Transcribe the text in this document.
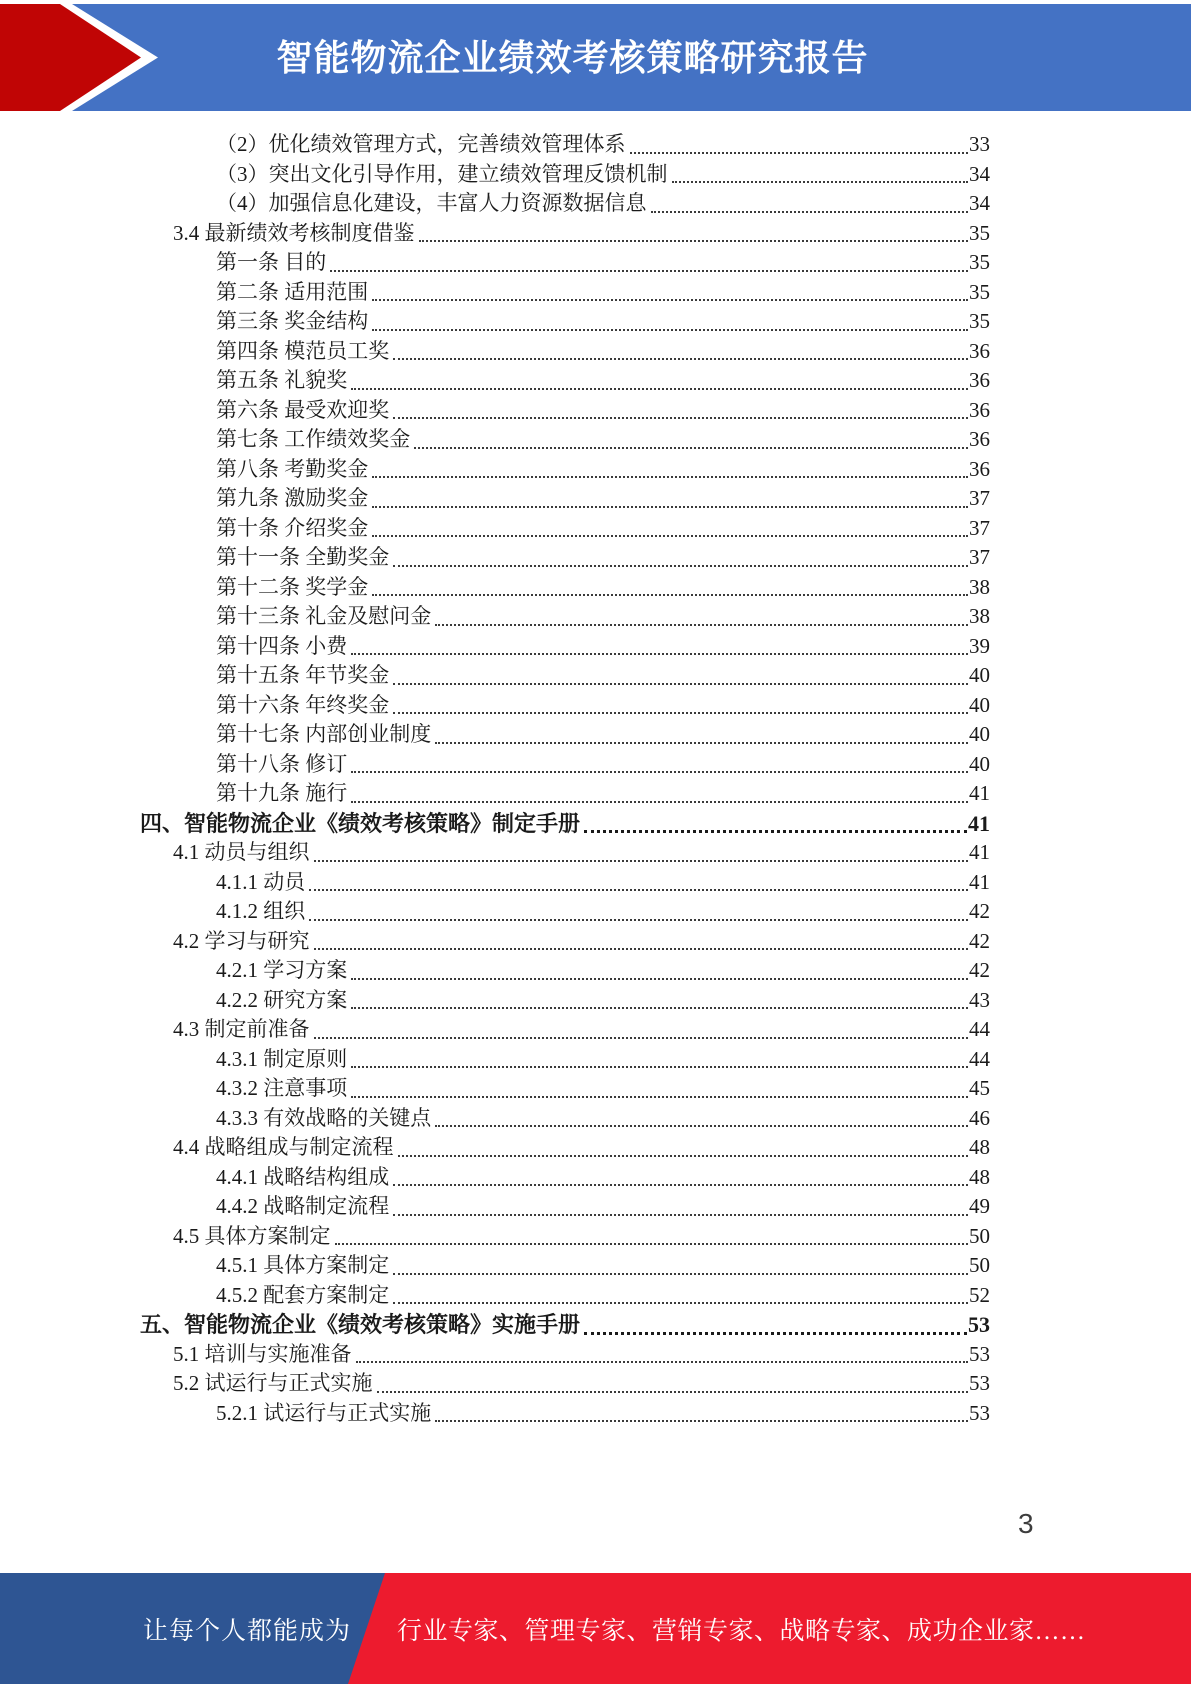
智能物流企业绩效考核策略研究报告
（2）优化绩效管理方式，完善绩效管理体系	33
（3）突出文化引导作用，建立绩效管理反馈机制	34
（4）加强信息化建设，丰富人力资源数据信息	34
3.4 最新绩效考核制度借鉴	35
第一条 目的	35
第二条 适用范围	35
第三条 奖金结构	35
第四条 模范员工奖	36
第五条 礼貌奖	36
第六条 最受欢迎奖	36
第七条 工作绩效奖金	36
第八条 考勤奖金	36
第九条 激励奖金	37
第十条 介绍奖金	37
第十一条 全勤奖金	37
第十二条 奖学金	38
第十三条 礼金及慰问金	38
第十四条 小费	39
第十五条 年节奖金	40
第十六条 年终奖金	40
第十七条 内部创业制度	40
第十八条 修订	40
第十九条 施行	41
四、智能物流企业《绩效考核策略》制定手册	41
4.1 动员与组织	41
4.1.1 动员	41
4.1.2 组织	42
4.2 学习与研究	42
4.2.1 学习方案	42
4.2.2 研究方案	43
4.3 制定前准备	44
4.3.1 制定原则	44
4.3.2 注意事项	45
4.3.3 有效战略的关键点	46
4.4 战略组成与制定流程	48
4.4.1 战略结构组成	48
4.4.2 战略制定流程	49
4.5 具体方案制定	50
4.5.1 具体方案制定	50
4.5.2 配套方案制定	52
五、智能物流企业《绩效考核策略》实施手册	53
5.1 培训与实施准备	53
5.2 试运行与正式实施	53
5.2.1 试运行与正式实施	53
3
让每个人都能成为 行业专家、管理专家、营销专家、战略专家、成功企业家……
